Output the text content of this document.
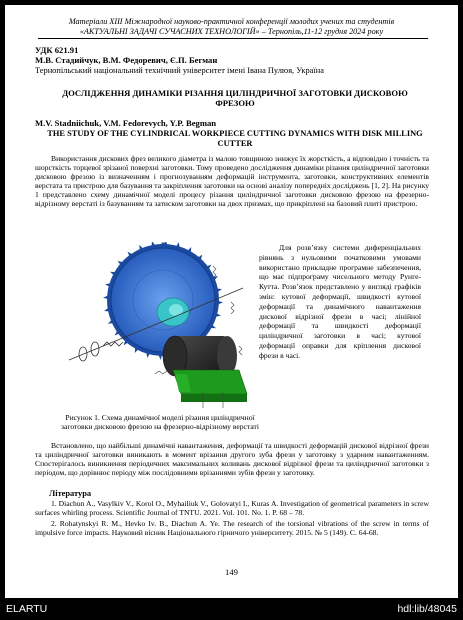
Матеріали XIII Міжнародної науково-практичної конференції молодих учених та студентів
«АКТУАЛЬНІ ЗАДАЧІ СУЧАСНИХ ТЕХНОЛОГІЙ» – Тернопіль,11-12 грудня 2024 року
УДК 621.91
М.В. Стадийчук, В.М. Федоревич, Є.П. Бегман
Тернопільський національний технічний університет імені Івана Пулюя, Україна
ДОСЛІДЖЕННЯ ДИНАМІКИ РІЗАННЯ ЦИЛІНДРИЧНОЇ ЗАГОТОВКИ ДИСКОВОЮ ФРЕЗОЮ
M.V. Stadniichuk, V.M. Fedorevych, Y.P. Begman
THE STUDY OF THE CYLINDRICAL WORKPIECE CUTTING DYNAMICS WITH DISK MILLING CUTTER

Використання дискових фрез великого діаметра із малою товщиною знижує їх жорсткість, а відповідно і точність та шорсткість торцевої зрізаної поверхні заготовки. Тому проведено дослідження динаміки різання циліндричної заготовки дисковою фрезою із визначенням і прогнозуванням деформацій інструмента, заготовки, конструктивних елементів верстата та пристрою для базування та закріплення заготовки на основі аналізу попередніх досліджень [1, 2]. На рисунку 1 представлено схему динамічної моделі процесу різання циліндричної заготовки дисковою фрезою на фрезерно-відрізному верстаті із базуванням та затиском заготовки на двох призмах, що прикріплені на базовий плиті пристрою.

Рисунок 1. Схема динамічної моделі різання циліндричної заготовки дисковою фрезою на фрезерно-відрізному верстаті

Для розв’язку системи диференціальних рівнянь з нульовими початковими умовами використано прикладне програмне забезпечення, що має підпрограму чисельного методу Рунге-Кутта. Розв’язок представлено у вигляді графіків змін: кутової деформації, швидкості кутової деформації та динамічного навантаження дискової відрізної фрези в часі; лінійної деформації та швидкості деформації циліндричної заготовки в часі; кутової деформації оправки для кріплення дискової фрези в часі.

Встановлено, що найбільші динамічні навантаження, деформації та швидкості деформацій дискової відрізної фрези та циліндричної заготовки виникають в момент врізання другого зуба фрези у заготовку з ударним навантаженням. Спостерігалось виникнення періодичних максимальних коливань дискової відрізної фрези та циліндричної заготовки з періодом, що дорівнює періоду між послідовними врізаннями зубів фрези у заготовку.

Література

1. Diachun A., Vasylkiv V., Korol O., Myhailiuk V., Golovatyi I., Kuras A. Investigation of geometrical parameters in screw surfaces whirling process. Scientific Journal of TNTU. 2021. Vol. 101. No. 1. P. 68 – 78.

2. Rohatynskyi R. M., Hevko Iv. B., Diachun A. Ye. The research of the torsional vibrations of the screw in terms of impulsive force impacts. Науковий вісник Національного гірничого університету. 2015. № 5 (149). С. 64-68.

149
ELARTU	hdl:lib/48045
